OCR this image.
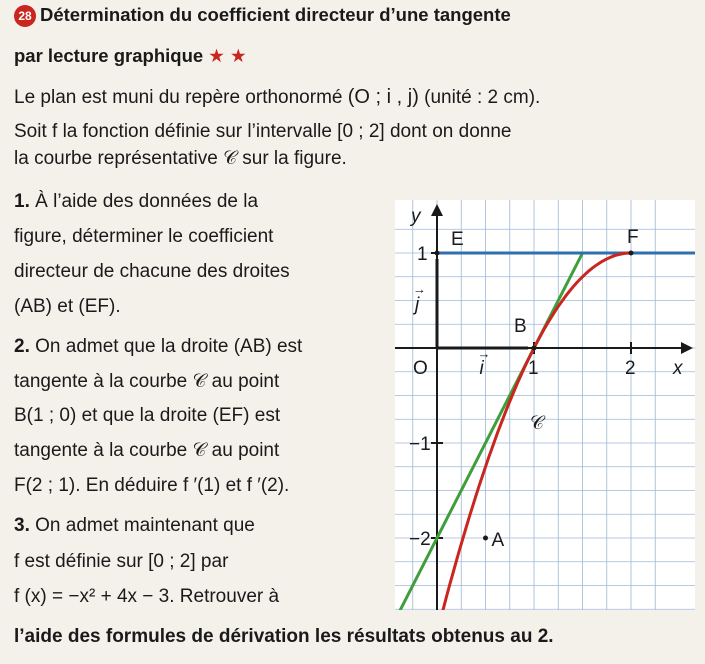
28 Détermination du coefficient directeur d’une tangente
par lecture graphique ★ ★
Le plan est muni du repère orthonormé (O ; i , j) (unité : 2 cm).
Soit f la fonction définie sur l’intervalle [0 ; 2] dont on donne
la courbe représentative 𝒞 sur la figure.
1. À l’aide des données de la
figure, déterminer le coefficient
directeur de chacune des droites
(AB) et (EF).
2. On admet que la droite (AB) est
tangente à la courbe 𝒞 au point
B(1 ; 0) et que la droite (EF) est
tangente à la courbe 𝒞 au point
F(2 ; 1). En déduire f ′(1) et f ′(2).
3. On admet maintenant que
f est définie sur [0 ; 2] par
f (x) = −x² + 4x − 3. Retrouver à
l’aide des formules de dérivation les résultats obtenus au 2.
y
x
1	2
1
−1
−2
O	i
→
j
→
A
B
E	F
𝒞
